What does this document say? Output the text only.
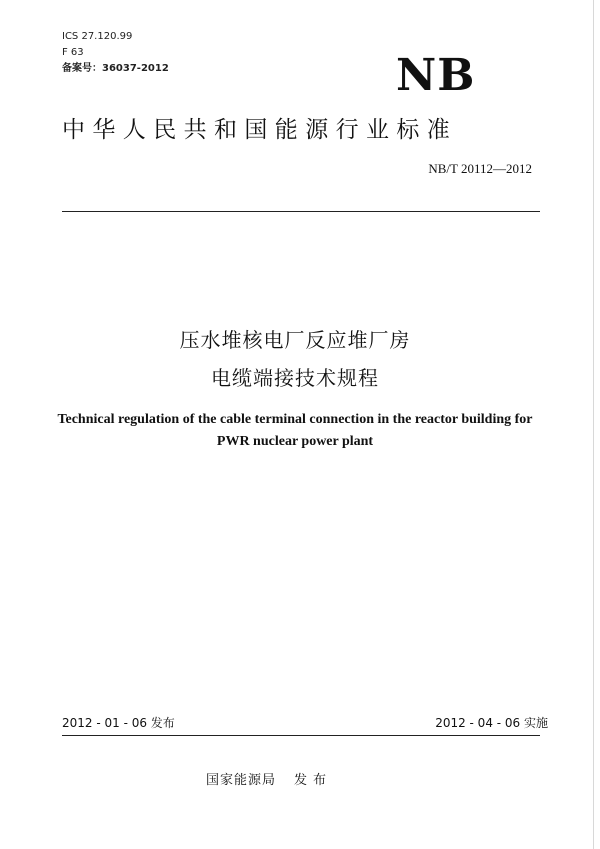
ICS 27.120.99
F 63
备案号：36037-2012	NB
中华人民共和国能源行业标准
NB/T 20112—2012
压水堆核电厂反应堆厂房
电缆端接技术规程
Technical regulation of the cable terminal connection in the reactor building for
PWR nuclear power plant
2012 - 01 - 06 发布	2012 - 04 - 06 实施
国家能源局 发布
